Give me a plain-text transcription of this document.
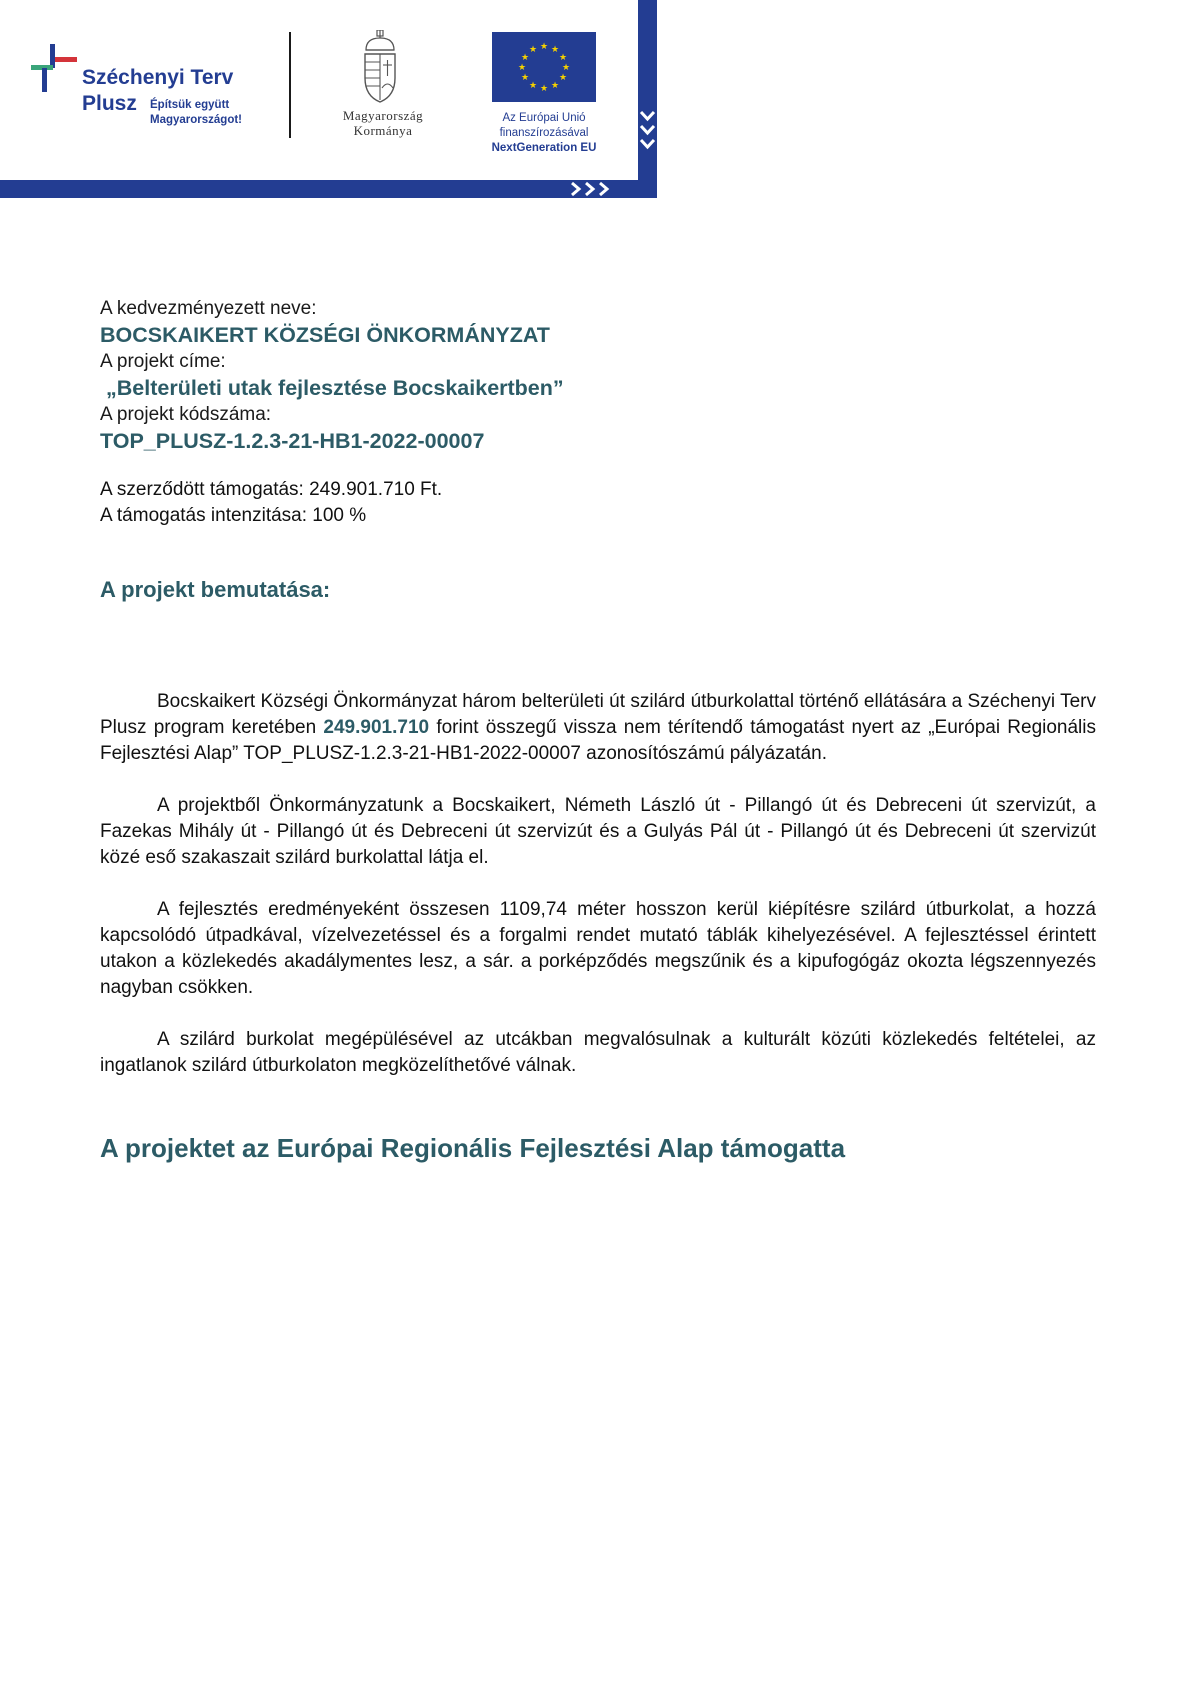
Széchenyi Terv
Plusz Építsük együtt
Magyarországot!	Magyarország
Kormánya
★ ★
★
★
★
★
★
★
★
★
★
★
Az Európai Unió
finanszírozásával
NextGeneration EU
A kedvezményezett neve:
BOCSKAIKERT KÖZSÉGI ÖNKORMÁNYZAT
A projekt címe:
„Belterületi utak fejlesztése Bocskaikertben”
A projekt kódszáma:
TOP_PLUSZ-1.2.3-21-HB1-2022-00007
A szerződött támogatás: 249.901.710 Ft.
A támogatás intenzitása: 100 %
A projekt bemutatása:

Bocskaikert Községi Önkormányzat három belterületi út szilárd útburkolattal történő ellátására a Széchenyi Terv Plusz program keretében 249.901.710 forint összegű vissza nem térítendő támogatást nyert az „Európai Regionális Fejlesztési Alap” TOP_PLUSZ-1.2.3-21-HB1-2022-00007 azonosítószámú pályázatán.

A projektből Önkormányzatunk a Bocskaikert, Németh László út - Pillangó út és Debreceni út szervizút, a Fazekas Mihály út - Pillangó út és Debreceni út szervizút és a Gulyás Pál út - Pillangó út és Debreceni út szervizút közé eső szakaszait szilárd burkolattal látja el.

A fejlesztés eredményeként összesen 1109,74 méter hosszon kerül kiépítésre szilárd útburkolat, a hozzá kapcsolódó útpadkával, vízelvezetéssel és a forgalmi rendet mutató táblák kihelyezésével. A fejlesztéssel érintett utakon a közlekedés akadálymentes lesz, a sár. a porképződés megszűnik és a kipufogógáz okozta légszennyezés nagyban csökken.

A szilárd burkolat megépülésével az utcákban megvalósulnak a kulturált közúti közlekedés feltételei, az ingatlanok szilárd útburkolaton megközelíthetővé válnak.

A projektet az Európai Regionális Fejlesztési Alap támogatta
